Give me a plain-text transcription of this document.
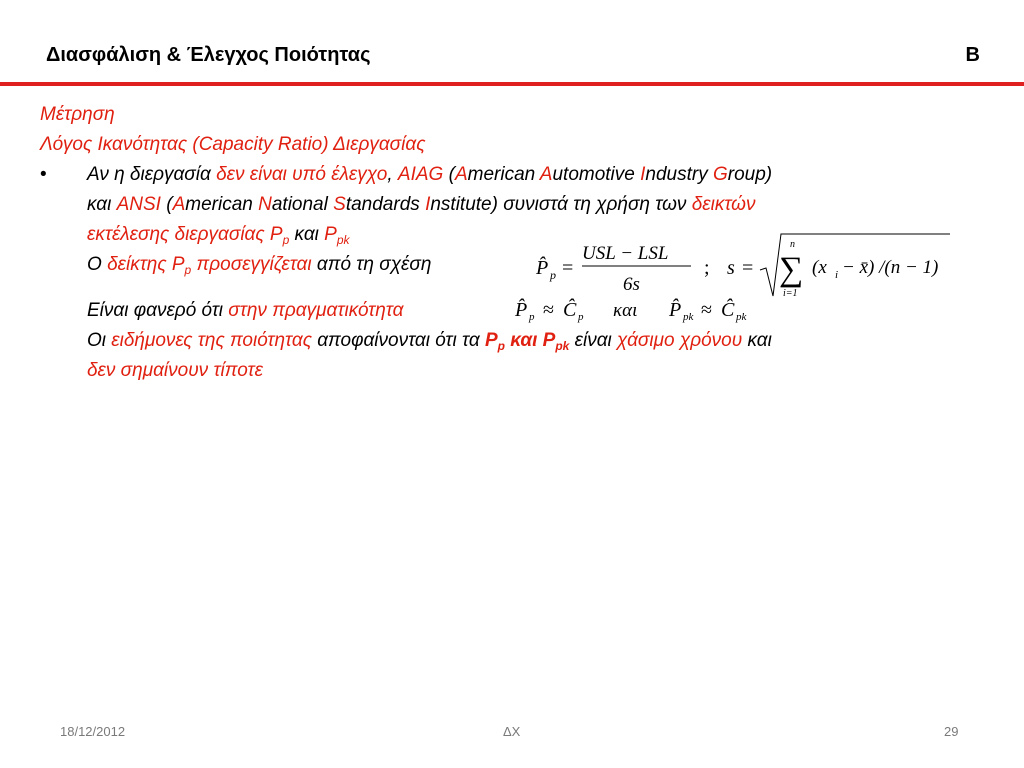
Διασφάλιση & Έλεγχος Ποιότητας	B
Μέτρηση
Λόγος Ικανότητας (Capacity Ratio) Διεργασίας
•	Αν η διεργασία δεν είναι υπό έλεγχο, AIAG (American Automotive Industry Group)
και ANSI (American National Standards Institute) συνιστά τη χρήση των δεικτών
εκτέλεσης διεργασίας $P_p$ και $P_{pk}$
Ο δείκτης $P_p$ προσεγγίζεται από τη σχέση	P̂ p =
USL − LSL
6s
; s =
n
∑
i=1
(x i − x̄) /(n − 1)
Είναι φανερό ότι στην πραγματικότητα	P̂ p ≈ Ĉ p και P̂ pk ≈ Ĉ pk
Οι ειδήμονες της ποιότητας αποφαίνονται ότι τα $P_p$ και $P_{pk}$ είναι χάσιμο χρόνου και
δεν σημαίνουν τίποτε
18/12/2012	ΔΧ	29
